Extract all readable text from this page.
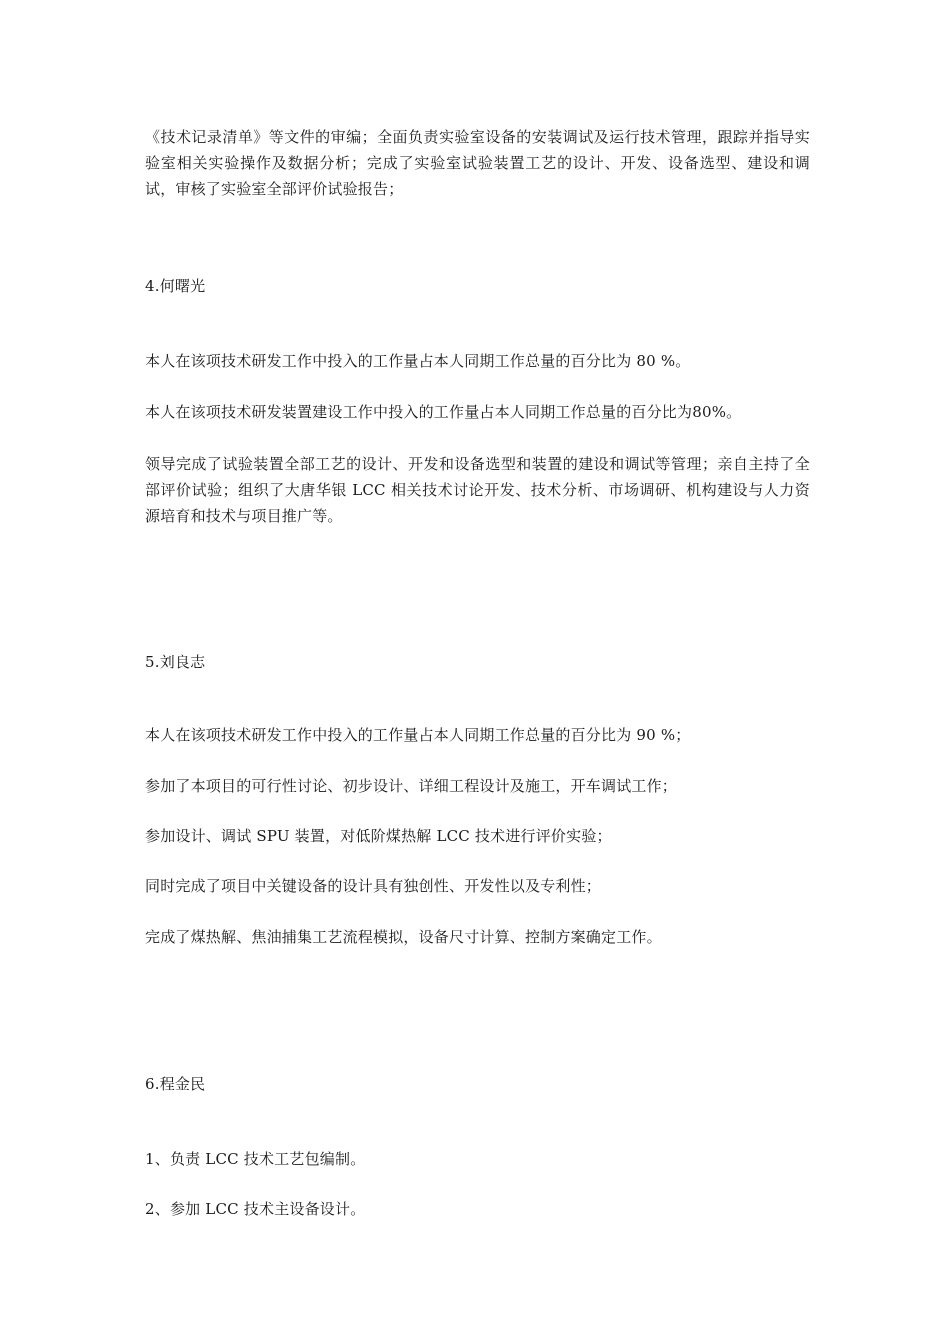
《技术记录清单》等文件的审编；全面负责实验室设备的安装调试及运行技术管理，跟踪并指导实验室相关实验操作及数据分析；完成了实验室试验装置工艺的设计、开发、设备选型、建设和调试，审核了实验室全部评价试验报告；

4.何曙光

本人在该项技术研发工作中投入的工作量占本人同期工作总量的百分比为 80 %。

本人在该项技术研发装置建设工作中投入的工作量占本人同期工作总量的百分比为80%。

领导完成了试验装置全部工艺的设计、开发和设备选型和装置的建设和调试等管理；亲自主持了全部评价试验；组织了大唐华银 LCC 相关技术讨论开发、技术分析、市场调研、机构建设与人力资源培育和技术与项目推广等。

5.刘良志

本人在该项技术研发工作中投入的工作量占本人同期工作总量的百分比为 90 %；

参加了本项目的可行性讨论、初步设计、详细工程设计及施工，开车调试工作；

参加设计、调试 SPU 装置，对低阶煤热解 LCC 技术进行评价实验；

同时完成了项目中关键设备的设计具有独创性、开发性以及专利性；

完成了煤热解、焦油捕集工艺流程模拟，设备尺寸计算、控制方案确定工作。

6.程金民

1、负责 LCC 技术工艺包编制。

2、参加 LCC 技术主设备设计。
